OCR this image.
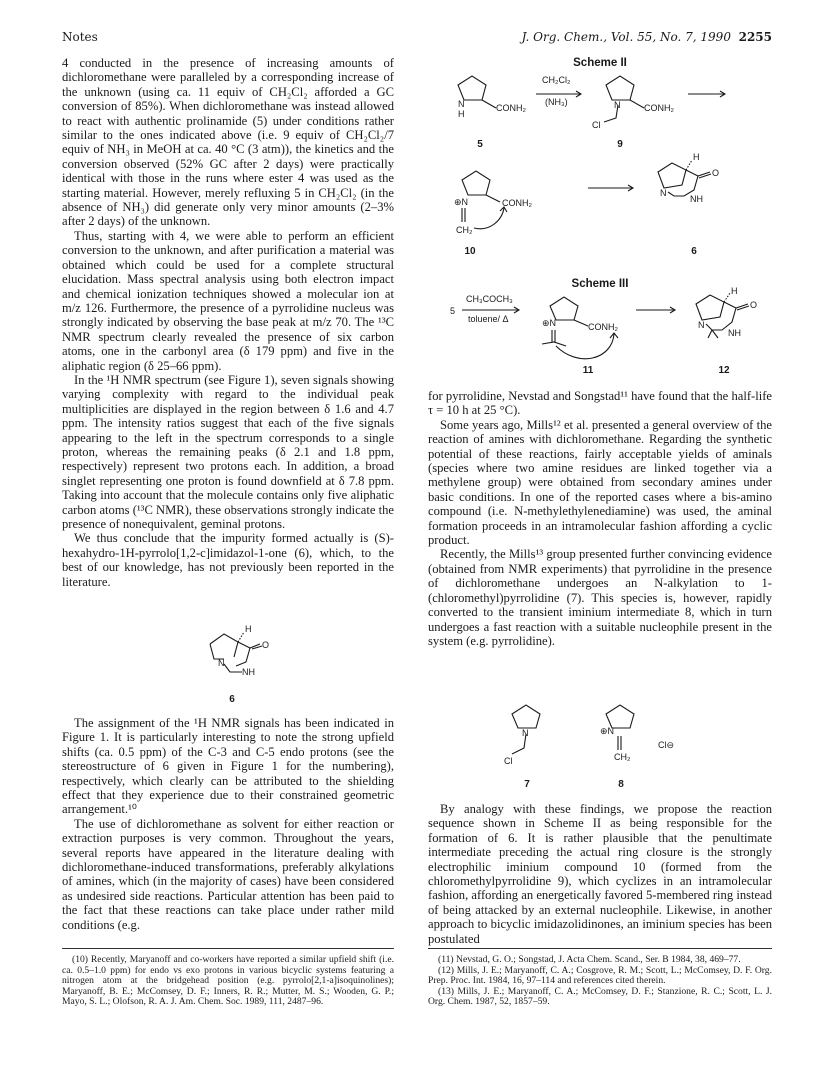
Notes	J. Org. Chem., Vol. 55, No. 7, 1990 2255

4 conducted in the presence of increasing amounts of dichloromethane were paralleled by a corresponding increase of the unknown (using ca. 11 equiv of CH₂Cl₂ afforded a GC conversion of 85%). When dichloromethane was instead allowed to react with authentic prolinamide (5) under conditions rather similar to the ones indicated above (i.e. 9 equiv of CH₂Cl₂/7 equiv of NH₃ in MeOH at ca. 40 °C (3 atm)), the kinetics and the conversion observed (52% GC after 2 days) were practically identical with those in the runs where ester 4 was used as the starting material. However, merely refluxing 5 in CH₂Cl₂ (in the absence of NH₃) did generate only very minor amounts (2–3% after 2 days) of the unknown.

Thus, starting with 4, we were able to perform an efficient conversion to the unknown, and after purification a material was obtained which could be used for a complete structural elucidation. Mass spectral analysis using both electron impact and chemical ionization techniques showed a molecular ion at m/z 126. Furthermore, the presence of a pyrrolidine nucleus was strongly indicated by observing the base peak at m/z 70. The ¹³C NMR spectrum clearly revealed the presence of six carbon atoms, one in the carbonyl area (δ 179 ppm) and five in the aliphatic region (δ 25–66 ppm).

In the ¹H NMR spectrum (see Figure 1), seven signals showing varying complexity with regard to the individual peak multiplicities are displayed in the region between δ 1.6 and 4.7 ppm. The intensity ratios suggest that each of the five signals appearing to the left in the spectrum corresponds to a single proton, whereas the remaining peaks (δ 2.1 and 1.8 ppm, respectively) represent two protons each. In addition, a broad singlet representing one proton is found downfield at δ 7.8 ppm. Taking into account that the molecule contains only five aliphatic carbon atoms (¹³C NMR), these observations strongly indicate the presence of nonequivalent, geminal protons.

We thus conclude that the impurity formed actually is (S)-hexahydro-1H-pyrrolo[1,2-c]imidazol-1-one (6), which, to the best of our knowledge, has not previously been reported in the literature.

H
O
N
NH
6

The assignment of the ¹H NMR signals has been indicated in Figure 1. It is particularly interesting to note the strong upfield shifts (ca. 0.5 ppm) of the C-3 and C-5 endo protons (see the stereostructure of 6 given in Figure 1 for the numbering), respectively, which clearly can be attributed to the shielding effect that they experience due to their constrained geometric arrangement.¹⁰

The use of dichloromethane as solvent for either reaction or extraction purposes is very common. Throughout the years, several reports have appeared in the literature dealing with dichloromethane-induced transformations, preferably alkylations of amines, which (in the majority of cases) have been considered as undesired side reactions. Particular attention has been paid to the fact that these reactions can take place under rather mild conditions (e.g.

(10) Recently, Maryanoff and co-workers have reported a similar upfield shift (i.e. ca. 0.5–1.0 ppm) for endo vs exo protons in various bicyclic systems featuring a nitrogen atom at the bridgehead position (e.g. pyrrolo[2,1-a]isoquinolines); Maryanoff, B. E.; McComsey, D. F.; Inners, R. R.; Mutter, M. S.; Wooden, G. P.; Mayo, S. L.; Olofson, R. A. J. Am. Chem. Soc. 1989, 111, 2487–96.

Scheme II
N
H
CONH₂
CH₂Cl₂
(NH₃)	N	CONH₂
Cl
⊕N	CONH₂
CH₂
H
O
N
NH
5	9
10	6
Scheme III
5
CH₃COCH₃
toluene/ Δ	⊕N	CONH₂
H
O
N
NH
11	12

for pyrrolidine, Nevstad and Songstad¹¹ have found that the half-life τ = 10 h at 25 °C).

Some years ago, Mills¹² et al. presented a general overview of the reaction of amines with dichloromethane. Regarding the synthetic potential of these reactions, fairly acceptable yields of aminals (species where two amine residues are linked together via a methylene group) were obtained from secondary amines under basic conditions. In one of the reported cases where a bis-amino compound (i.e. N-methylethylenediamine) was used, the aminal formation proceeds in an intramolecular fashion affording a cyclic product.

Recently, the Mills¹³ group presented further convincing evidence (obtained from NMR experiments) that pyrrolidine in the presence of dichloromethane undergoes an N-alkylation to 1-(chloromethyl)pyrrolidine (7). This species is, however, rapidly converted to the transient iminium intermediate 8, which in turn undergoes a fast reaction with a suitable nucleophile present in the system (e.g. pyrrolidine).

N
Cl
⊕N
CH₂
Cl⊖
7	8

By analogy with these findings, we propose the reaction sequence shown in Scheme II as being responsible for the formation of 6. It is rather plausible that the penultimate intermediate preceding the actual ring closure is the strongly electrophilic iminium compound 10 (formed from the chloromethylpyrrolidine 9), which cyclizes in an intramolecular fashion, affording an energetically favored 5-membered ring instead of being attacked by an external nucleophile. Likewise, in another approach to bicyclic imidazolidinones, an iminium species has been postulated

(11) Nevstad, G. O.; Songstad, J. Acta Chem. Scand., Ser. B 1984, 38, 469–77.

(12) Mills, J. E.; Maryanoff, C. A.; Cosgrove, R. M.; Scott, L.; McComsey, D. F. Org. Prep. Proc. Int. 1984, 16, 97–114 and references cited therein.

(13) Mills, J. E.; Maryanoff, C. A.; McComsey, D. F.; Stanzione, R. C.; Scott, L. J. Org. Chem. 1987, 52, 1857–59.
